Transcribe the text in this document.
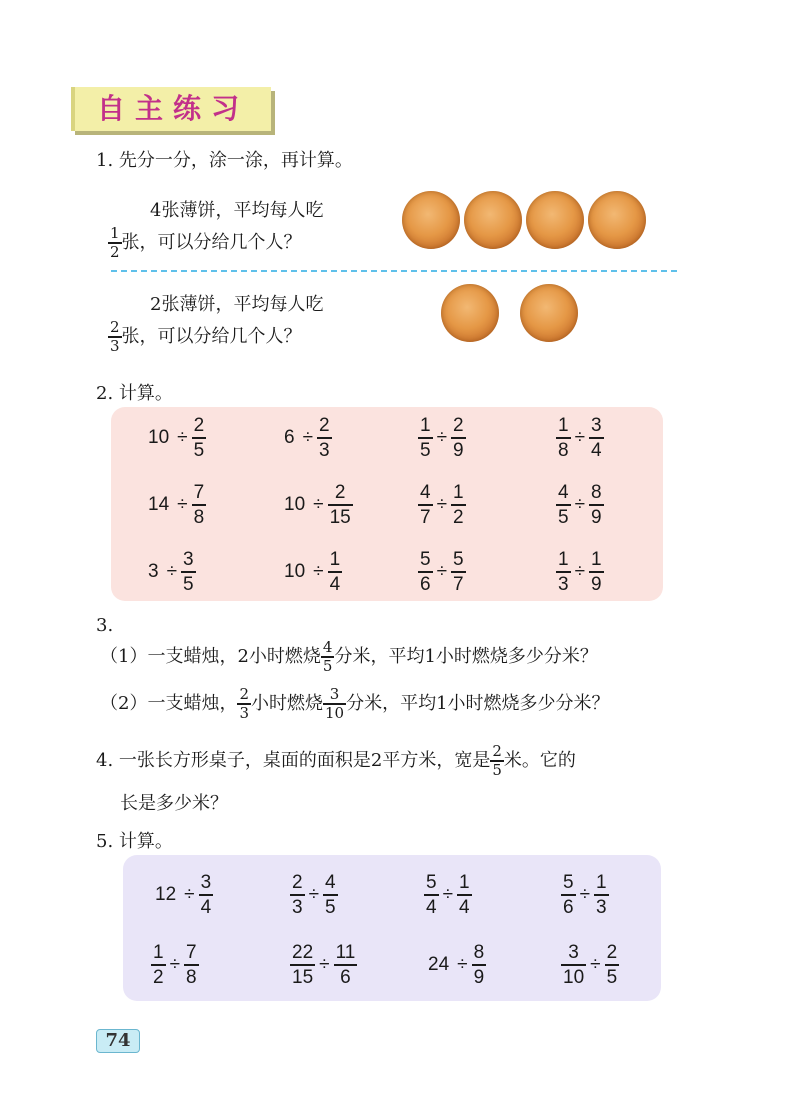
自主练习
1. 先分一分，涂一涂，再计算。
4张薄饼，平均每人吃
$\frac{1}{2}$ 张，可以分给几个人？
2张薄饼，平均每人吃
$\frac{2}{3}$ 张，可以分给几个人？
2. 计算。
$10 \div \frac{2}{5}$	$6 \div \frac{2}{3}$	$\frac{1}{5} \div \frac{2}{9}$	$\frac{1}{8} \div \frac{3}{4}$
$14 \div \frac{7}{8}$	$10 \div \frac{2}{15}$	$\frac{4}{7} \div \frac{1}{2}$	$\frac{4}{5} \div \frac{8}{9}$
$3 \div \frac{3}{5}$	$10 \div \frac{1}{4}$	$\frac{5}{6} \div \frac{5}{7}$	$\frac{1}{3} \div \frac{1}{9}$
3.
（1）一支蜡烛，2小时燃烧 $\frac{4}{5}$ 分米，平均1小时燃烧多少分米？
（2）一支蜡烛， $\frac{2}{3}$ 小时燃烧 $\frac{3}{10}$ 分米，平均1小时燃烧多少分米？
4. 一张长方形桌子，桌面的面积是2平方米，宽是 $\frac{2}{5}$ 米。它的
长是多少米？
5. 计算。
$12 \div \frac{3}{4}$	$\frac{2}{3} \div \frac{4}{5}$	$\frac{5}{4} \div \frac{1}{4}$	$\frac{5}{6} \div \frac{1}{3}$
$\frac{1}{2} \div \frac{7}{8}$	$\frac{22}{15} \div \frac{11}{6}$	$24 \div \frac{8}{9}$	$\frac{3}{10} \div \frac{2}{5}$
74
